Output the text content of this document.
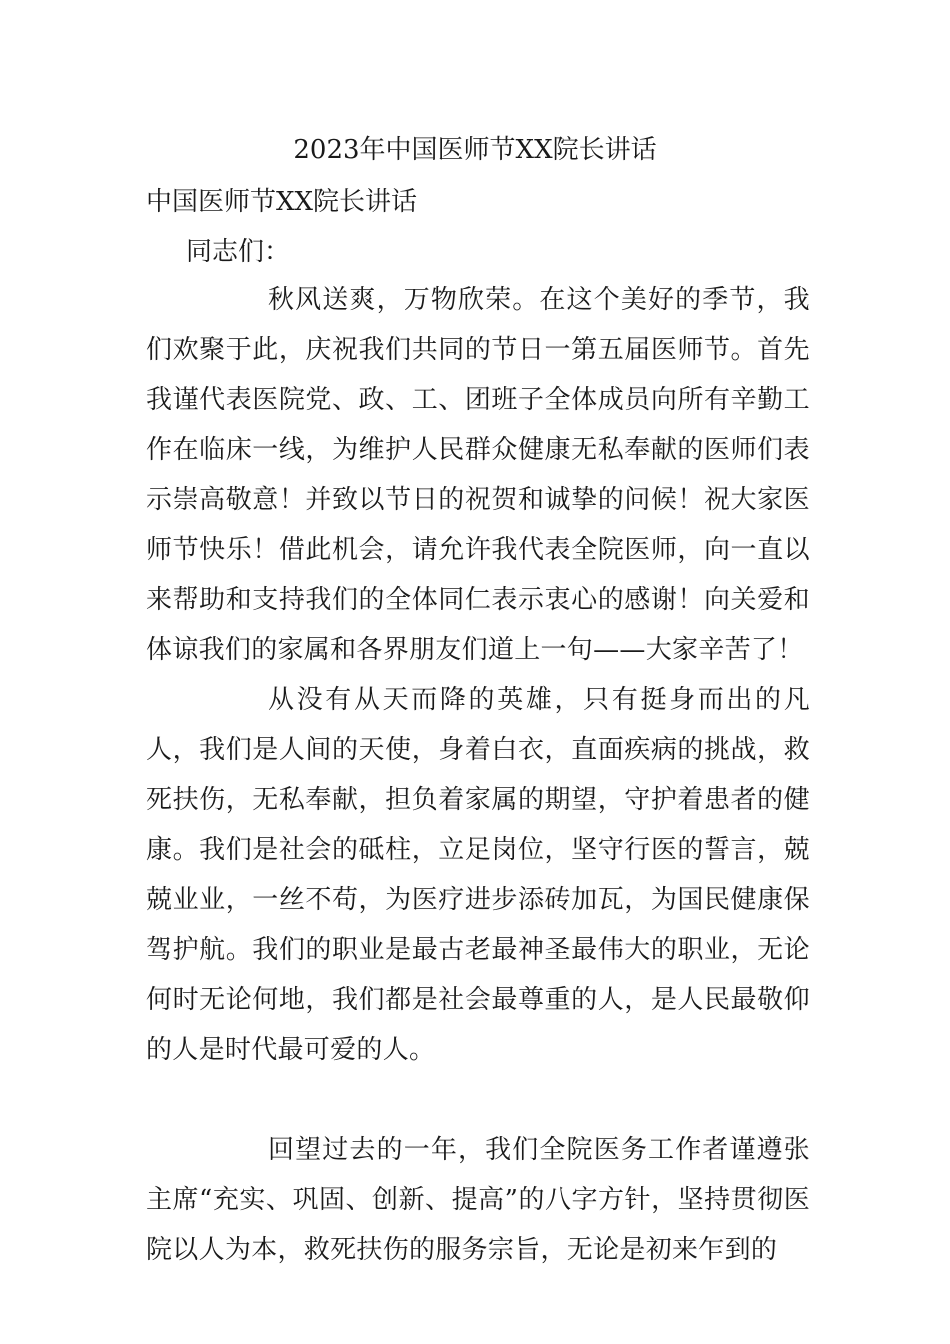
2023年中国医师节XX院长讲话
中国医师节XX院长讲话

同志们：

秋风送爽，万物欣荣。在这个美好的季节，我们欢聚于此，庆祝我们共同的节日一第五届医师节。首先我谨代表医院党、政、工、团班子全体成员向所有辛勤工作在临床一线，为维护人民群众健康无私奉献的医师们表示崇高敬意！并致以节日的祝贺和诚挚的问候！祝大家医师节快乐！借此机会，请允许我代表全院医师，向一直以来帮助和支持我们的全体同仁表示衷心的感谢！向关爱和体谅我们的家属和各界朋友们道上一句——大家辛苦了！

从没有从天而降的英雄，只有挺身而出的凡人，我们是人间的天使，身着白衣，直面疾病的挑战，救死扶伤，无私奉献，担负着家属的期望，守护着患者的健康。我们是社会的砥柱，立足岗位，坚守行医的誓言，兢兢业业，一丝不苟，为医疗进步添砖加瓦，为国民健康保驾护航。我们的职业是最古老最神圣最伟大的职业，无论何时无论何地，我们都是社会最尊重的人，是人民最敬仰的人是时代最可爱的人。

回望过去的一年，我们全院医务工作者谨遵张主席“充实、巩固、创新、提高”的八字方针，坚持贯彻医院以人为本，救死扶伤的服务宗旨，无论是初来乍到的
